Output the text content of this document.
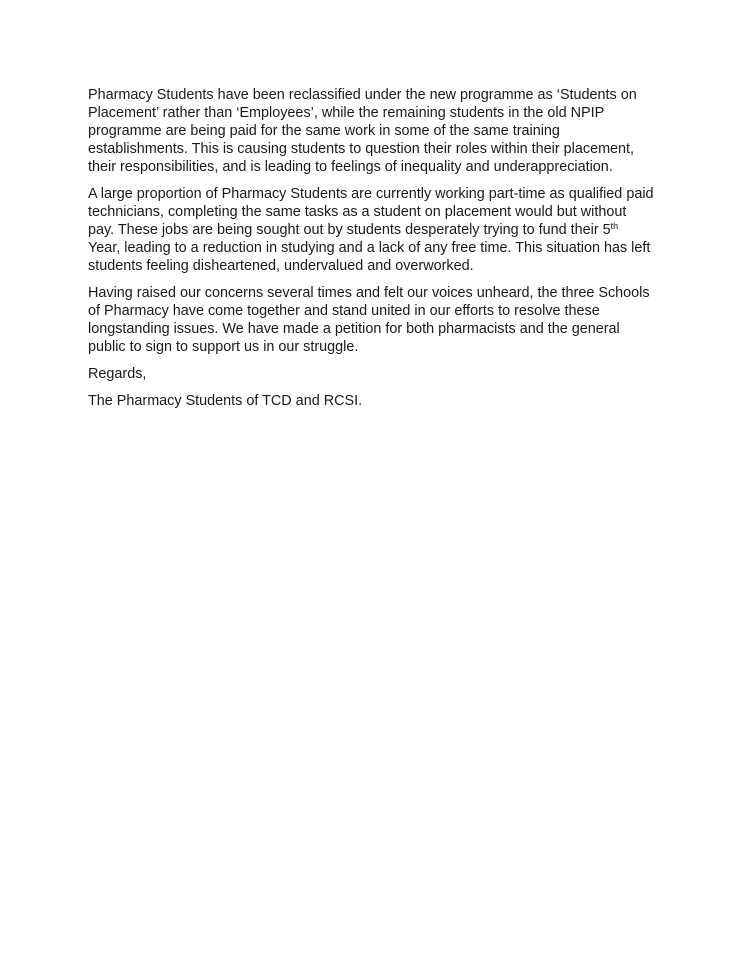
Pharmacy Students have been reclassified under the new programme as ‘Students on Placement’ rather than ‘Employees’, while the remaining students in the old NPIP programme are being paid for the same work in some of the same training establishments. This is causing students to question their roles within their placement, their responsibilities, and is leading to feelings of inequality and underappreciation.

A large proportion of Pharmacy Students are currently working part-time as qualified paid technicians, completing the same tasks as a student on placement would but without pay. These jobs are being sought out by students desperately trying to fund their 5th Year, leading to a reduction in studying and a lack of any free time. This situation has left students feeling disheartened, undervalued and overworked.

Having raised our concerns several times and felt our voices unheard, the three Schools of Pharmacy have come together and stand united in our efforts to resolve these longstanding issues. We have made a petition for both pharmacists and the general public to sign to support us in our struggle.

Regards,

The Pharmacy Students of TCD and RCSI.
